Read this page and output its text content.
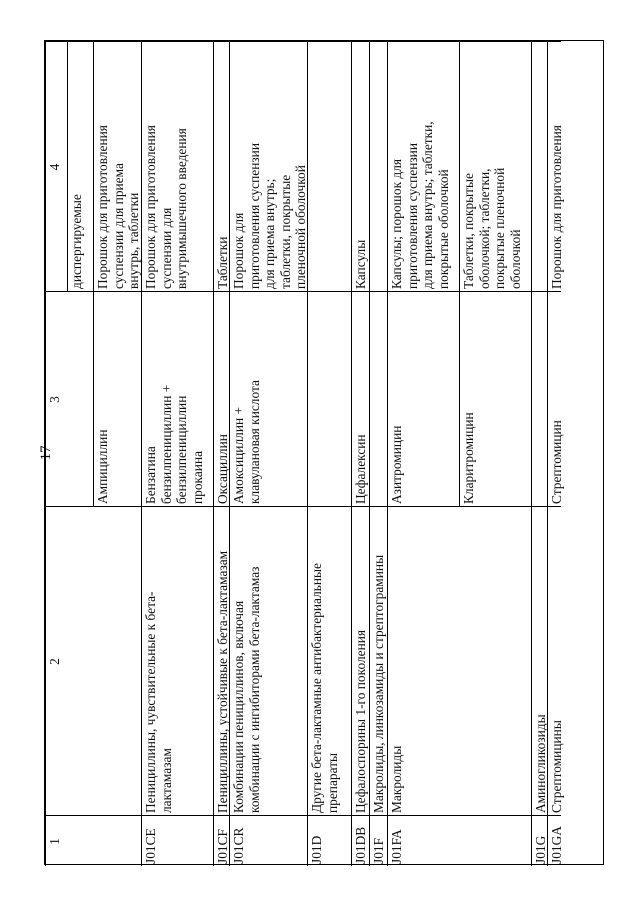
17
1
2
3
4
диспергируемые
Ампициллин
Порошок для приготовления
суспензии для приема
внутрь, таблетки
J01CE
Пенициллины, чувствительные к бета-
лактамазам
Бензатина
бензилпенициллин +
бензилпенициллин
прокаина
Порошок для приготовления
суспензии для
внутримышечного введения
J01CF
Пенициллины, устойчивые к бета-лактамазам
Оксациллин
Таблетки
J01CR
Комбинации пенициллинов, включая
комбинации с ингибиторами бета-лактамаз
Амоксициллин +
клавулановая кислота
Порошок для
приготовления суспензии
для приема внутрь;
таблетки, покрытые
пленочной оболочкой
J01D
Другие бета-лактамные антибактериальные
препараты
J01DB
Цефалоспорины 1-го поколения
Цефалексин
Капсулы
J01F
Макролиды, линкозамиды и стрептограмины
J01FA
Макролиды
Азитромицин
Капсулы; порошок для
приготовления суспензии
для приема внутрь; таблетки,
покрытые оболочкой
Кларитромицин
Таблетки, покрытые
оболочкой; таблетки,
покрытые пленочной
оболочкой
J01G
Аминогликозиды
J01GA
Стрептомицины
Стрептомицин
Порошок для приготовления
